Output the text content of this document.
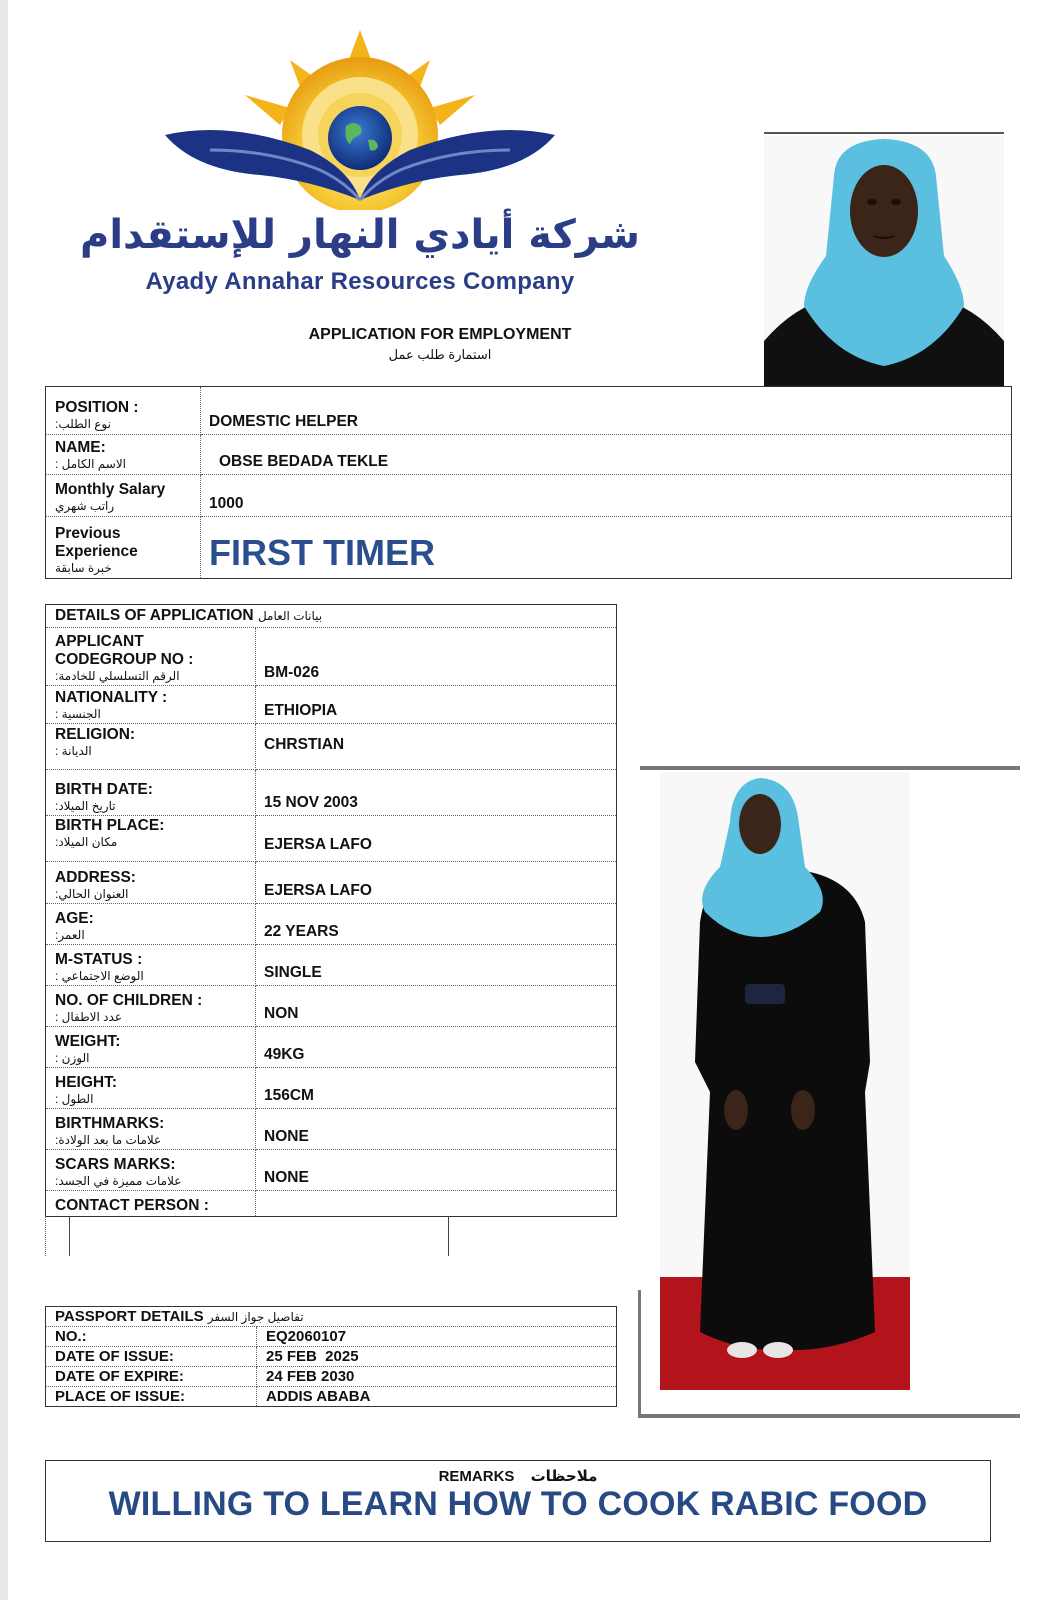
شركة أيادي النهار للإستقدام
Ayady Annahar Resources Company
APPLICATION FOR EMPLOYMENT
استمارة طلب عمل
POSITION :
نوع الطلب:	DOMESTIC HELPER

NAME:
الاسم الكامل :	OBSE BEDADA TEKLE

Monthly Salary
راتب شهري	1000

Previous
Experience
خبرة سابقة	FIRST TIMER
DETAILS OF APPLICATION بيانات العامل	

APPLICANT
CODEGROUP NO :
الرقم التسلسلي للخادمة:	BM-026

NATIONALITY :
الجنسية :	ETHIOPIA

RELIGION:
الديانة :	CHRSTIAN

BIRTH DATE:
تاريخ الميلاد:	15 NOV 2003

BIRTH PLACE:
مكان الميلاد:	EJERSA LAFO

ADDRESS:
العنوان الحالي:	EJERSA LAFO

AGE:
العمر:	22 YEARS

M-STATUS :
الوضع الاجتماعي :	SINGLE

NO. OF CHILDREN :
عدد الاطفال :	NON

WEIGHT:
الوزن :	49KG

HEIGHT:
الطول :	156CM

BIRTHMARKS:
علامات ما بعد الولادة:	NONE

SCARS MARKS:
علامات مميزة في الجسد:	NONE

CONTACT PERSON :	

PASSPORT DETAILS تفاصيل جواز السفر	
NO.:	EQ2060107
DATE OF ISSUE:	25 FEB  2025
DATE OF EXPIRE:	24 FEB 2030
PLACE OF ISSUE:	ADDIS ABABA
REMARKS ملاحظات
WILLING TO LEARN HOW TO COOK RABIC FOOD
